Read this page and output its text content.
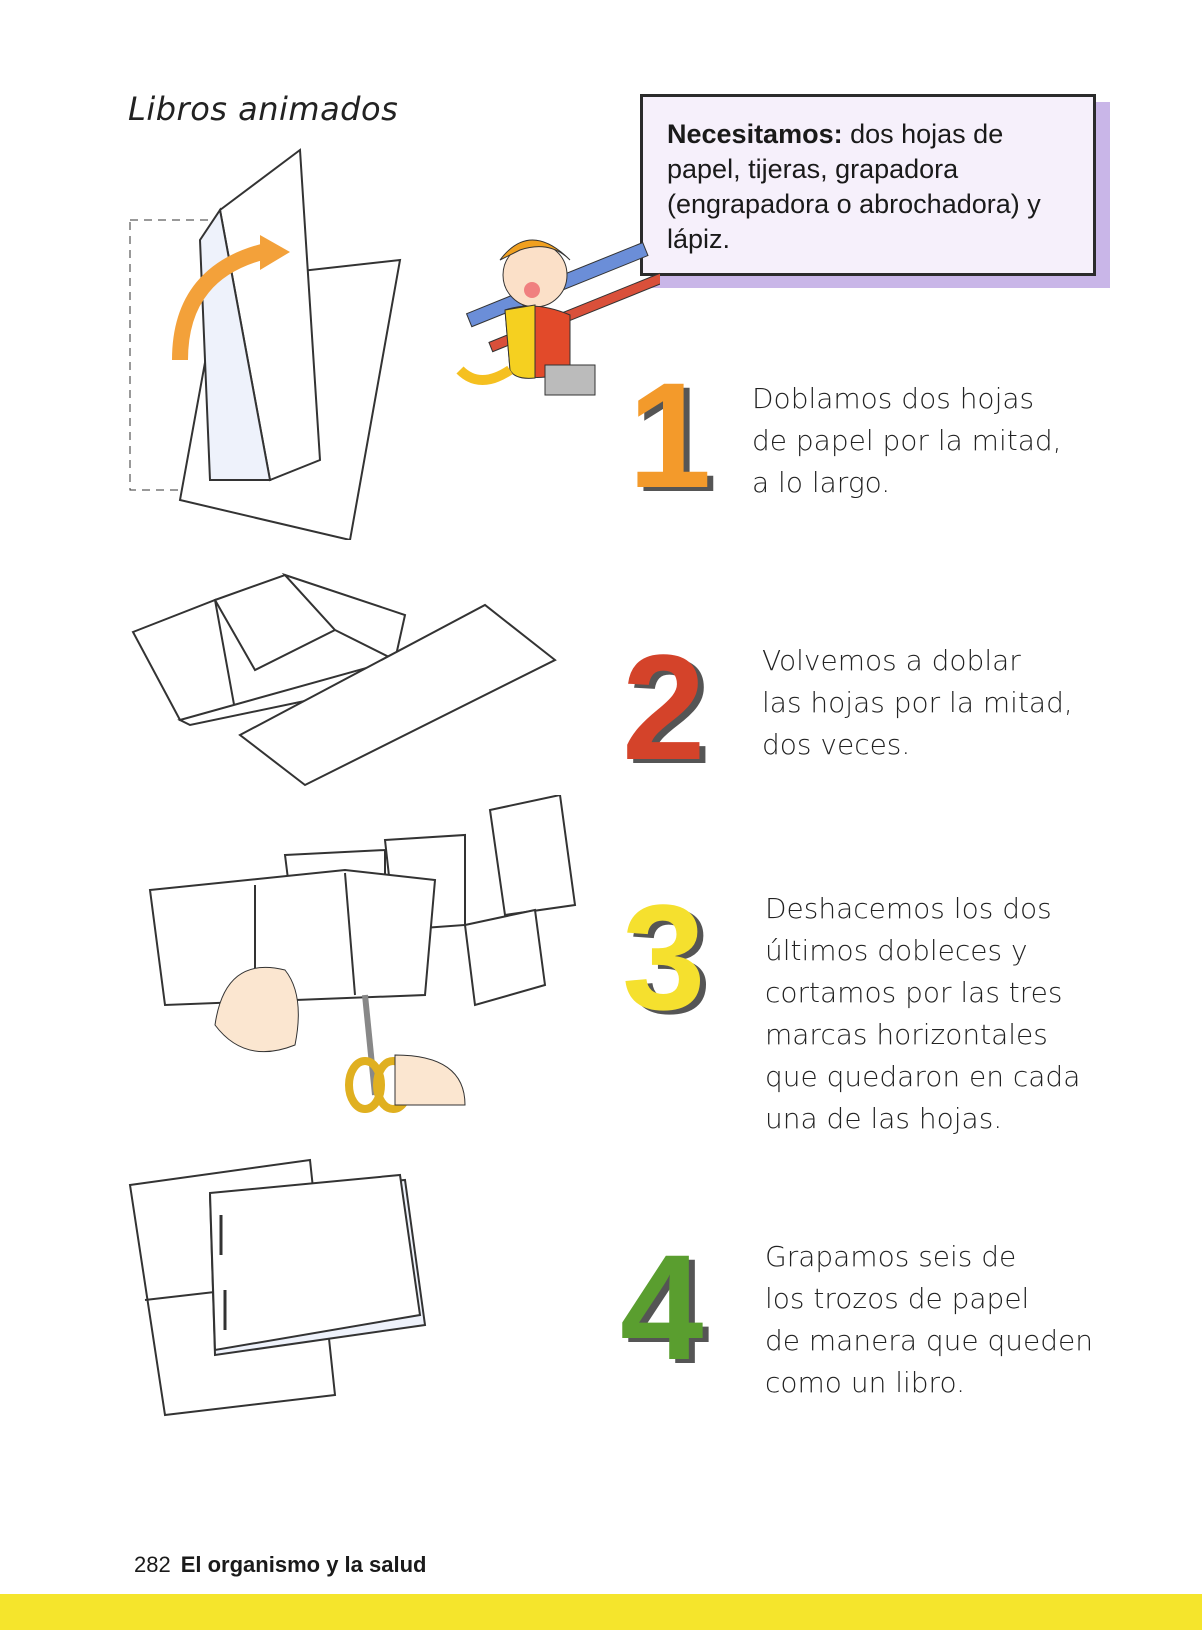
Libros animados
Necesitamos: dos hojas de papel, tijeras, grapadora (engrapadora o abrochadora) y lápiz.
1
2
3
4
Doblamos dos hojas
de papel por la mitad,
a lo largo.
Volvemos a doblar
las hojas por la mitad,
dos veces.
Deshacemos los dos
últimos dobleces y
cortamos por las tres
marcas horizontales
que quedaron en cada
una de las hojas.
Grapamos seis de
los trozos de papel
de manera que queden
como un libro.
282 El organismo y la salud
